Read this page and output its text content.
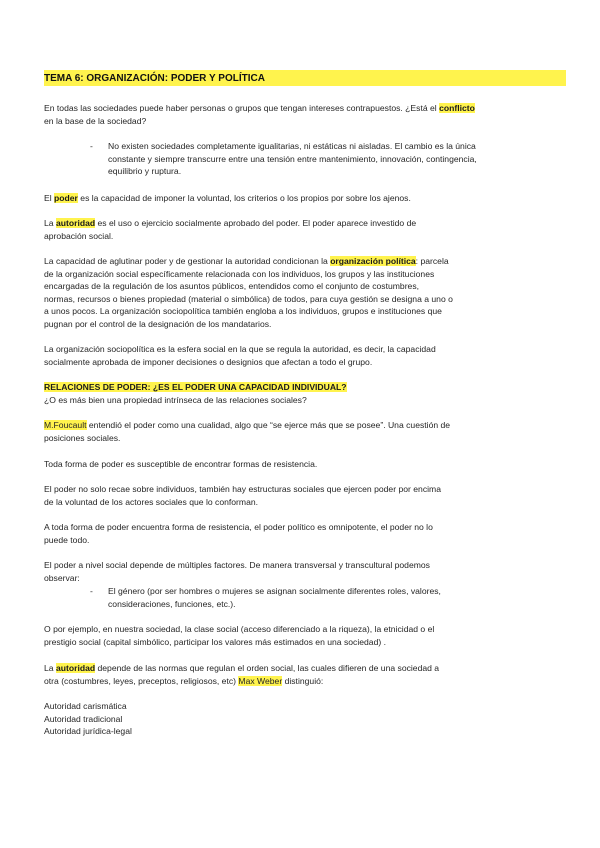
TEMA 6: ORGANIZACIÓN: PODER Y POLÍTICA

En todas las sociedades puede haber personas o grupos que tengan intereses contrapuestos. ¿Está el conflicto
en la base de la sociedad?

- No existen sociedades completamente igualitarias, ni estáticas ni aisladas. El cambio es la única
constante y siempre transcurre entre una tensión entre mantenimiento, innovación, contingencia,
equilibrio y ruptura.

El poder es la capacidad de imponer la voluntad, los criterios o los propios por sobre los ajenos.

La autoridad es el uso o ejercicio socialmente aprobado del poder. El poder aparece investido de
aprobación social.

La capacidad de aglutinar poder y de gestionar la autoridad condicionan la organización política: parcela
de la organización social específicamente relacionada con los individuos, los grupos y las instituciones
encargadas de la regulación de los asuntos públicos, entendidos como el conjunto de costumbres,
normas, recursos o bienes propiedad (material o simbólica) de todos, para cuya gestión se designa a uno o
a unos pocos. La organización sociopolítica también engloba a los individuos, grupos e instituciones que
pugnan por el control de la designación de los mandatarios.

La organización sociopolítica es la esfera social en la que se regula la autoridad, es decir, la capacidad
socialmente aprobada de imponer decisiones o designios que afectan a todo el grupo.

RELACIONES DE PODER: ¿ES EL PODER UNA CAPACIDAD INDIVIDUAL?
¿O es más bien una propiedad intrínseca de las relaciones sociales?

M.Foucault entendió el poder como una cualidad, algo que “se ejerce más que se posee”. Una cuestión de
posiciones sociales.

Toda forma de poder es susceptible de encontrar formas de resistencia.

El poder no solo recae sobre individuos, también hay estructuras sociales que ejercen poder por encima
de la voluntad de los actores sociales que lo conforman.

A toda forma de poder encuentra forma de resistencia, el poder político es omnipotente, el poder no lo
puede todo.

El poder a nivel social depende de múltiples factores. De manera transversal y transcultural podemos
observar:

- El género (por ser hombres o mujeres se asignan socialmente diferentes roles, valores,
consideraciones, funciones, etc.).

O por ejemplo, en nuestra sociedad, la clase social (acceso diferenciado a la riqueza), la etnicidad o el
prestigio social (capital simbólico, participar los valores más estimados en una sociedad) .

La autoridad depende de las normas que regulan el orden social, las cuales difieren de una sociedad a
otra (costumbres, leyes, preceptos, religiosos, etc) Max Weber distinguió:

Autoridad carismática
Autoridad tradicional
Autoridad jurídica-legal
